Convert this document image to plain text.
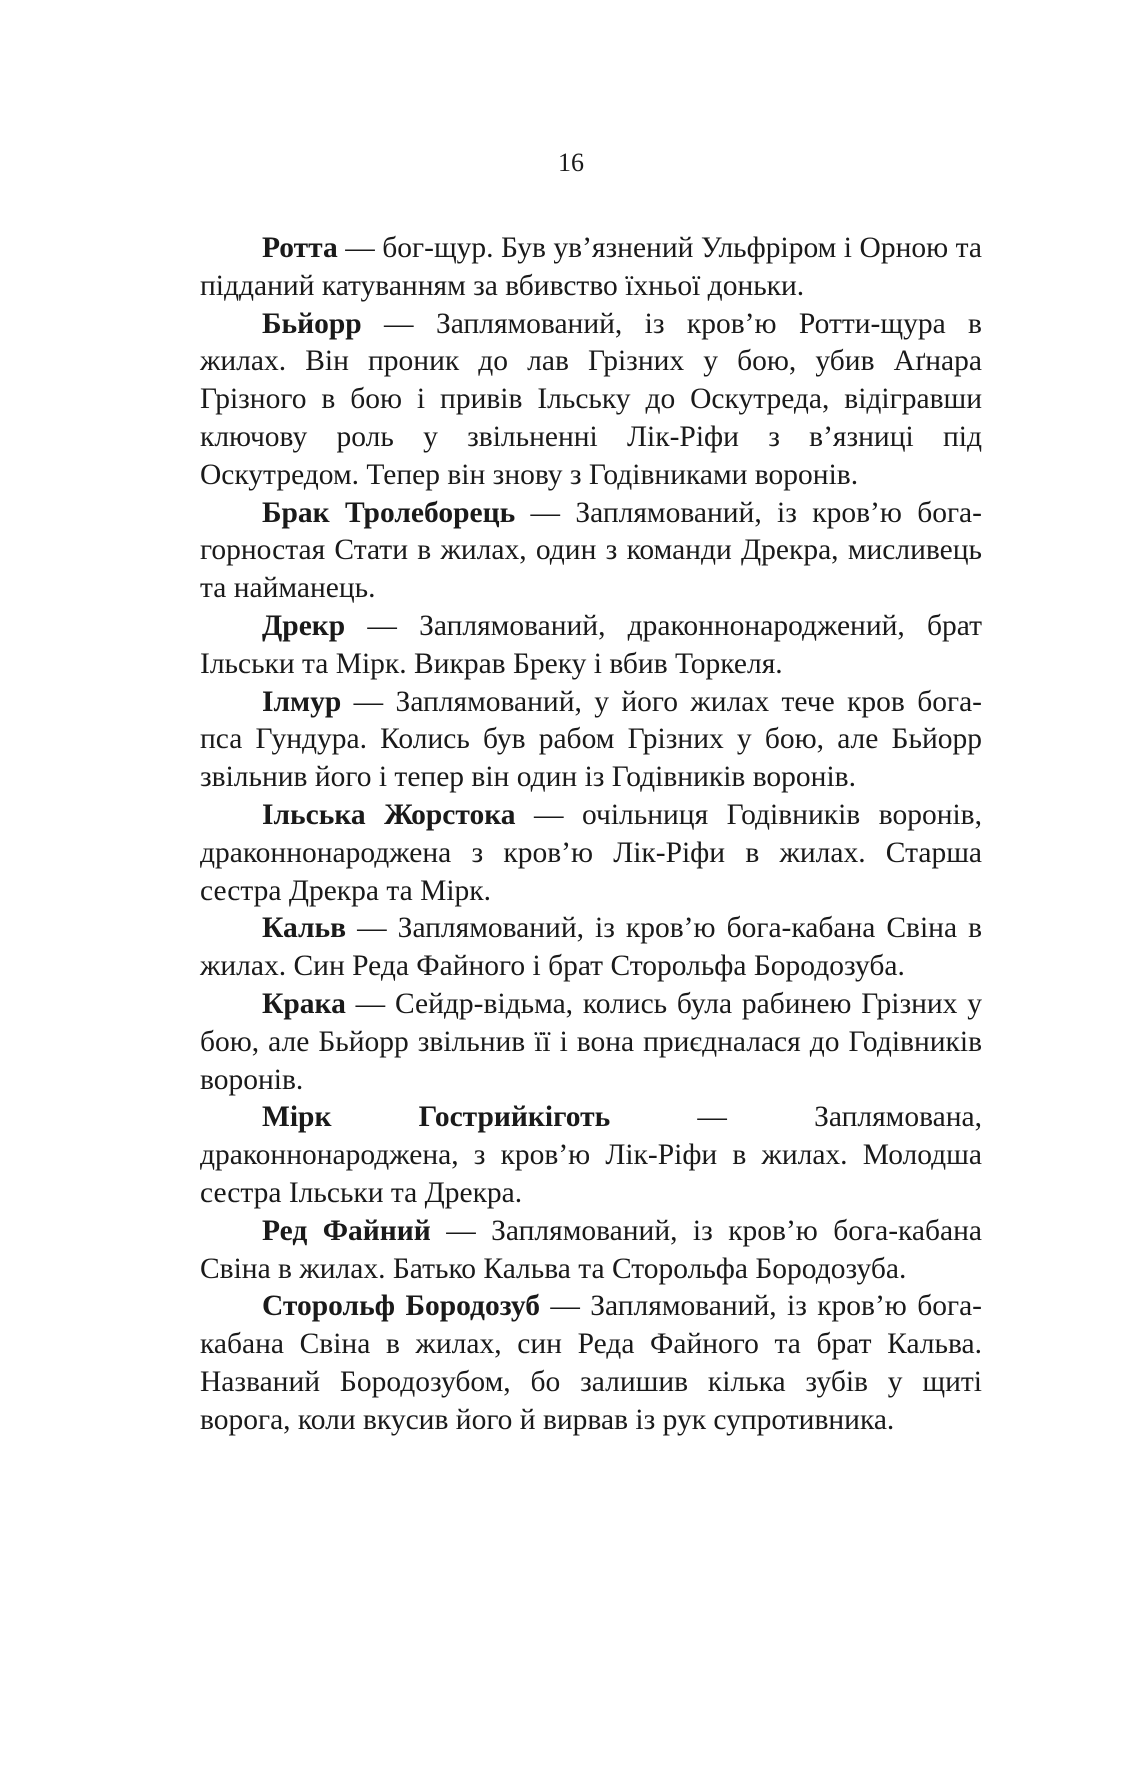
16

Ротта — бог-щур. Був ув’язнений Ульфріром і Орною та підданий катуванням за вбивство їхньої доньки.

Бьйорр — Заплямований, із кров’ю Ротти-щура в жилах. Він проник до лав Грізних у бою, убив Аґнара Грізного в бою і привів Ільську до Оскутреда, відігравши ключову роль у звільненні Лік-Ріфи з в’язниці під Оскутредом. Тепер він знову з Годівниками воронів.

Брак Тролеборець — Заплямований, із кров’ю бога-горностая Стати в жилах, один з команди Дрекра, мисливець та найманець.

Дрекр — Заплямований, драконнонароджений, брат Ільськи та Мірк. Викрав Бреку і вбив Торкеля.

Ілмур — Заплямований, у його жилах тече кров бога-пса Гундура. Колись був рабом Грізних у бою, але Бьйорр звільнив його і тепер він один із Годівників воронів.

Ільська Жорстока — очільниця Годівників воронів, драконнонароджена з кров’ю Лік-Ріфи в жилах. Старша сестра Дрекра та Мірк.

Кальв — Заплямований, із кров’ю бога-кабана Свіна в жилах. Син Реда Файного і брат Сторольфа Бородозуба.

Крака — Сейдр-відьма, колись була рабинею Грізних у бою, але Бьйорр звільнив її і вона приєдналася до Годівників воронів.

Мірк Гострийкіготь — Заплямована, драконнонароджена, з кров’ю Лік-Ріфи в жилах. Молодша сестра Ільськи та Дрекра.

Ред Файний — Заплямований, із кров’ю бога-кабана Свіна в жилах. Батько Кальва та Сторольфа Бородозуба.

Сторольф Бородозуб — Заплямований, із кров’ю бога-кабана Свіна в жилах, син Реда Файного та брат Кальва. Названий Бородозубом, бо залишив кілька зубів у щиті ворога, коли вкусив його й вирвав із рук супротивника.
